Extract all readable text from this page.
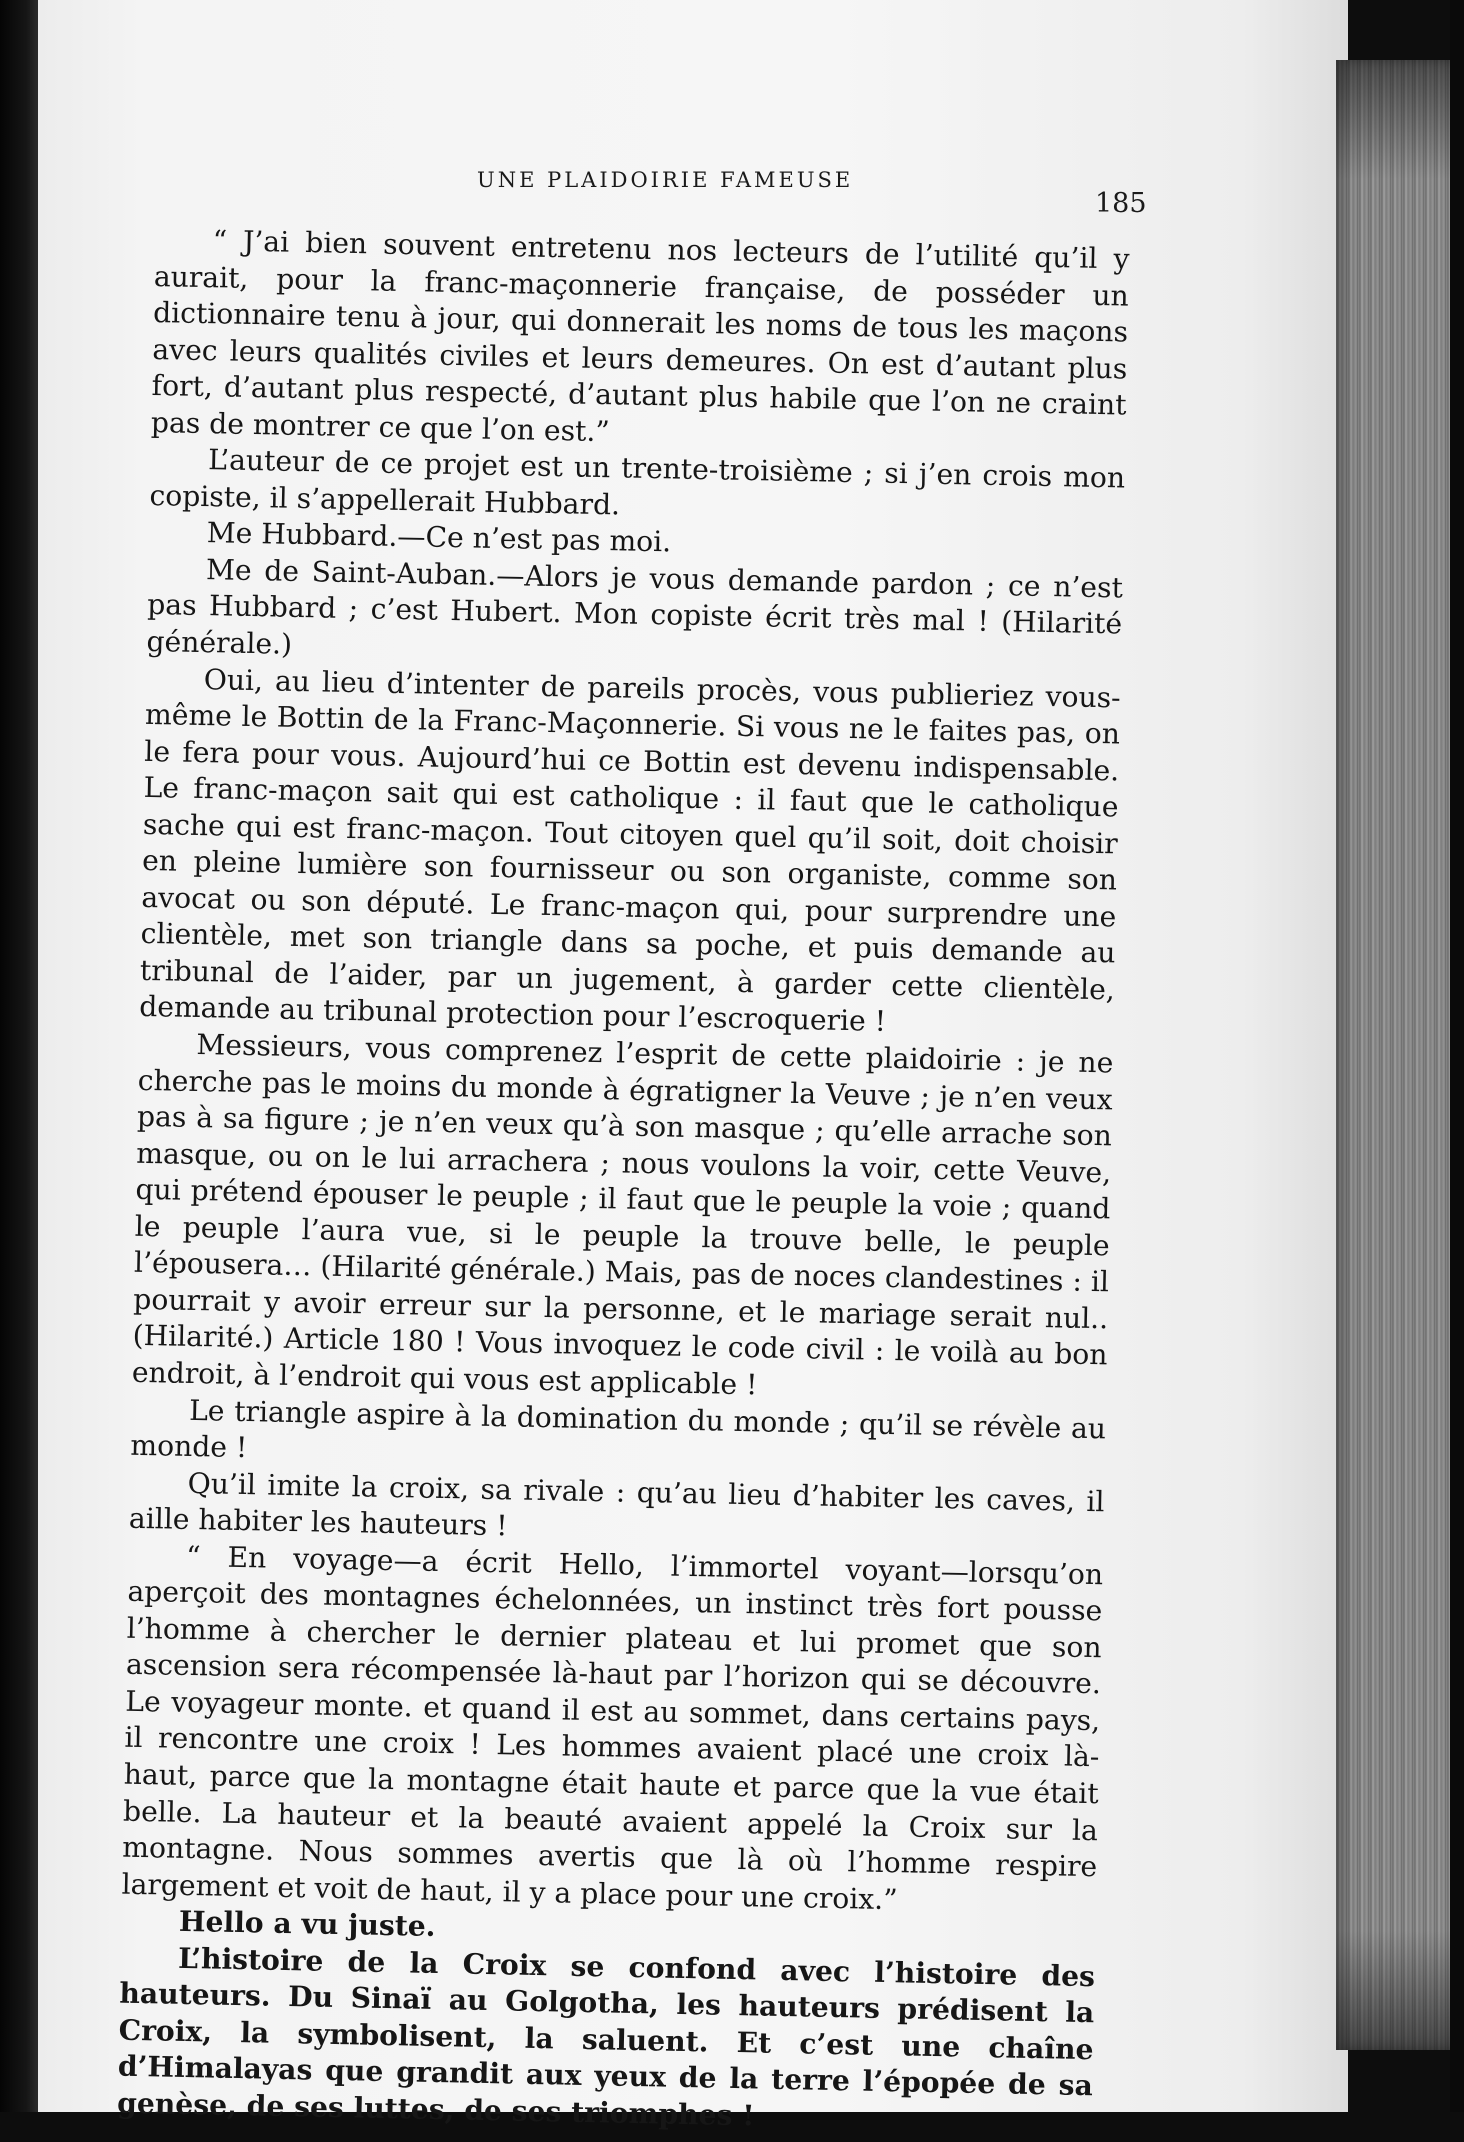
UNE PLAIDOIRIE FAMEUSE
185

“ J’ai bien souvent entretenu nos lecteurs de l’utilité qu’il y aurait, pour la franc-maçonnerie française, de posséder un dictionnaire tenu à jour, qui donnerait les noms de tous les maçons avec leurs qualités civiles et leurs demeures. On est d’autant plus fort, d’autant plus respecté, d’autant plus habile que l’on ne craint pas de montrer ce que l’on est.”

L’auteur de ce projet est un trente-troisième ; si j’en crois mon copiste, il s’appellerait Hubbard.

Me Hubbard.—Ce n’est pas moi.

Me de Saint-Auban.—Alors je vous demande pardon ; ce n’est pas Hubbard ; c’est Hubert. Mon copiste écrit très mal ! (Hilarité générale.)

Oui, au lieu d’intenter de pareils procès, vous publieriez vous-même le Bottin de la Franc-Maçonnerie. Si vous ne le faites pas, on le fera pour vous. Aujourd’hui ce Bottin est devenu indispensable. Le franc-maçon sait qui est catholique : il faut que le catholique sache qui est franc-maçon. Tout citoyen quel qu’il soit, doit choisir en pleine lumière son fournisseur ou son organiste, comme son avocat ou son député. Le franc-maçon qui, pour surprendre une clientèle, met son triangle dans sa poche, et puis demande au tribunal de l’aider, par un jugement, à garder cette clientèle, demande au tribunal protection pour l’escroquerie !

Messieurs, vous comprenez l’esprit de cette plaidoirie : je ne cherche pas le moins du monde à égratigner la Veuve ; je n’en veux pas à sa figure ; je n’en veux qu’à son masque ; qu’elle arrache son masque, ou on le lui arrachera ; nous voulons la voir, cette Veuve, qui prétend épouser le peuple ; il faut que le peuple la voie ; quand le peuple l’aura vue, si le peuple la trouve belle, le peuple l’épousera… (Hilarité générale.) Mais, pas de noces clandestines : il pourrait y avoir erreur sur la personne, et le mariage serait nul.. (Hilarité.) Article 180 ! Vous invoquez le code civil : le voilà au bon endroit, à l’endroit qui vous est applicable !

Le triangle aspire à la domination du monde ; qu’il se révèle au monde !

Qu’il imite la croix, sa rivale : qu’au lieu d’habiter les caves, il aille habiter les hauteurs !

“ En voyage—a écrit Hello, l’immortel voyant—lorsqu’on aperçoit des montagnes échelonnées, un instinct très fort pousse l’homme à chercher le dernier plateau et lui promet que son ascension sera récompensée là-haut par l’horizon qui se découvre. Le voyageur monte. et quand il est au sommet, dans certains pays, il rencontre une croix ! Les hommes avaient placé une croix là-haut, parce que la montagne était haute et parce que la vue était belle. La hauteur et la beauté avaient appelé la Croix sur la montagne. Nous sommes avertis que là où l’homme respire largement et voit de haut, il y a place pour une croix.”

Hello a vu juste.

L’histoire de la Croix se confond avec l’histoire des hauteurs. Du Sinaï au Golgotha, les hauteurs prédisent la Croix, la symbolisent, la saluent. Et c’est une chaîne d’Himalayas que grandit aux yeux de la terre l’épopée de sa genèse, de ses luttes, de ses triomphes !
